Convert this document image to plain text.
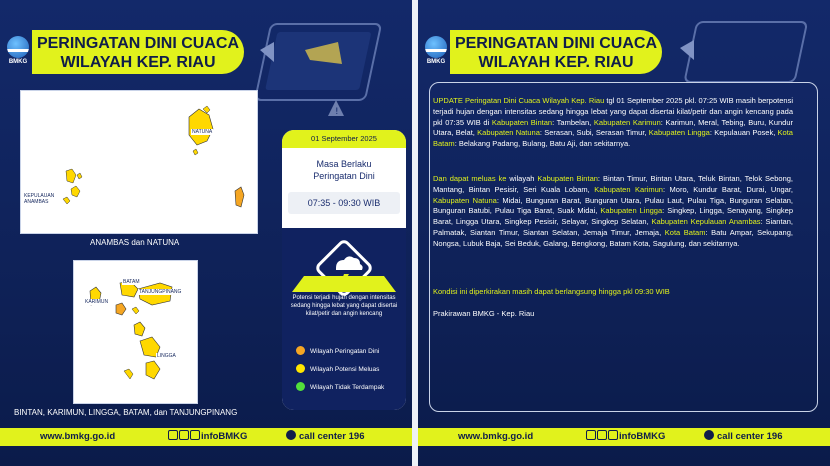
!
BMKG
PERINGATAN DINI CUACA
WILAYAH KEP. RIAU
NATUNA
KEPULAUAN
ANAMBAS
ANAMBAS dan NATUNA
KARIMUN
BATAM
TANJUNGPINANG
LINGGA
BINTAN, KARIMUN, LINGGA, BATAM, dan TANJUNGPINANG
01 September 2025
Masa Berlaku
Peringatan Dini
07:35 - 09:30 WIB
Potensi terjadi hujan dengan intensitas sedang hingga lebat yang dapat disertai kilat/petir dan angin kencang
Wilayah Peringatan Dini
Wilayah Potensi Meluas
Wilayah Tidak Terdampak
www.bmkg.go.id	infoBMKG	call center 196
BMKG
PERINGATAN DINI CUACA
WILAYAH KEP. RIAU
UPDATE Peringatan Dini Cuaca Wilayah Kep. Riau tgl 01 September 2025 pkl. 07:25 WIB masih berpotensi terjadi hujan dengan intensitas sedang hingga lebat yang dapat disertai kilat/petir dan angin kencang pada pkl 07:35 WIB di Kabupaten Bintan: Tambelan, Kabupaten Karimun: Karimun, Meral, Tebing, Buru, Kundur Utara, Belat, Kabupaten Natuna: Serasan, Subi, Serasan Timur, Kabupaten Lingga: Kepulauan Posek, Kota Batam: Belakang Padang, Bulang, Batu Aji, dan sekitarnya.
Dan dapat meluas ke wilayah Kabupaten Bintan: Bintan Timur, Bintan Utara, Teluk Bintan, Telok Sebong, Mantang, Bintan Pesisir, Seri Kuala Lobam, Kabupaten Karimun: Moro, Kundur Barat, Durai, Ungar, Kabupaten Natuna: Midai, Bunguran Barat, Bunguran Utara, Pulau Laut, Pulau Tiga, Bunguran Selatan, Bunguran Batubi, Pulau Tiga Barat, Suak Midai, Kabupaten Lingga: Singkep, Lingga, Senayang, Singkep Barat, Lingga Utara, Singkep Pesisir, Selayar, Singkep Selatan, Kabupaten Kepulauan Anambas: Siantan, Palmatak, Siantan Timur, Siantan Selatan, Jemaja Timur, Jemaja, Kota Batam: Batu Ampar, Sekupang, Nongsa, Lubuk Baja, Sei Beduk, Galang, Bengkong, Batam Kota, Sagulung, dan sekitarnya.
Kondisi ini diperkirakan masih dapat berlangsung hingga pkl 09:30 WIB
Prakirawan BMKG - Kep. Riau
www.bmkg.go.id	infoBMKG	call center 196
